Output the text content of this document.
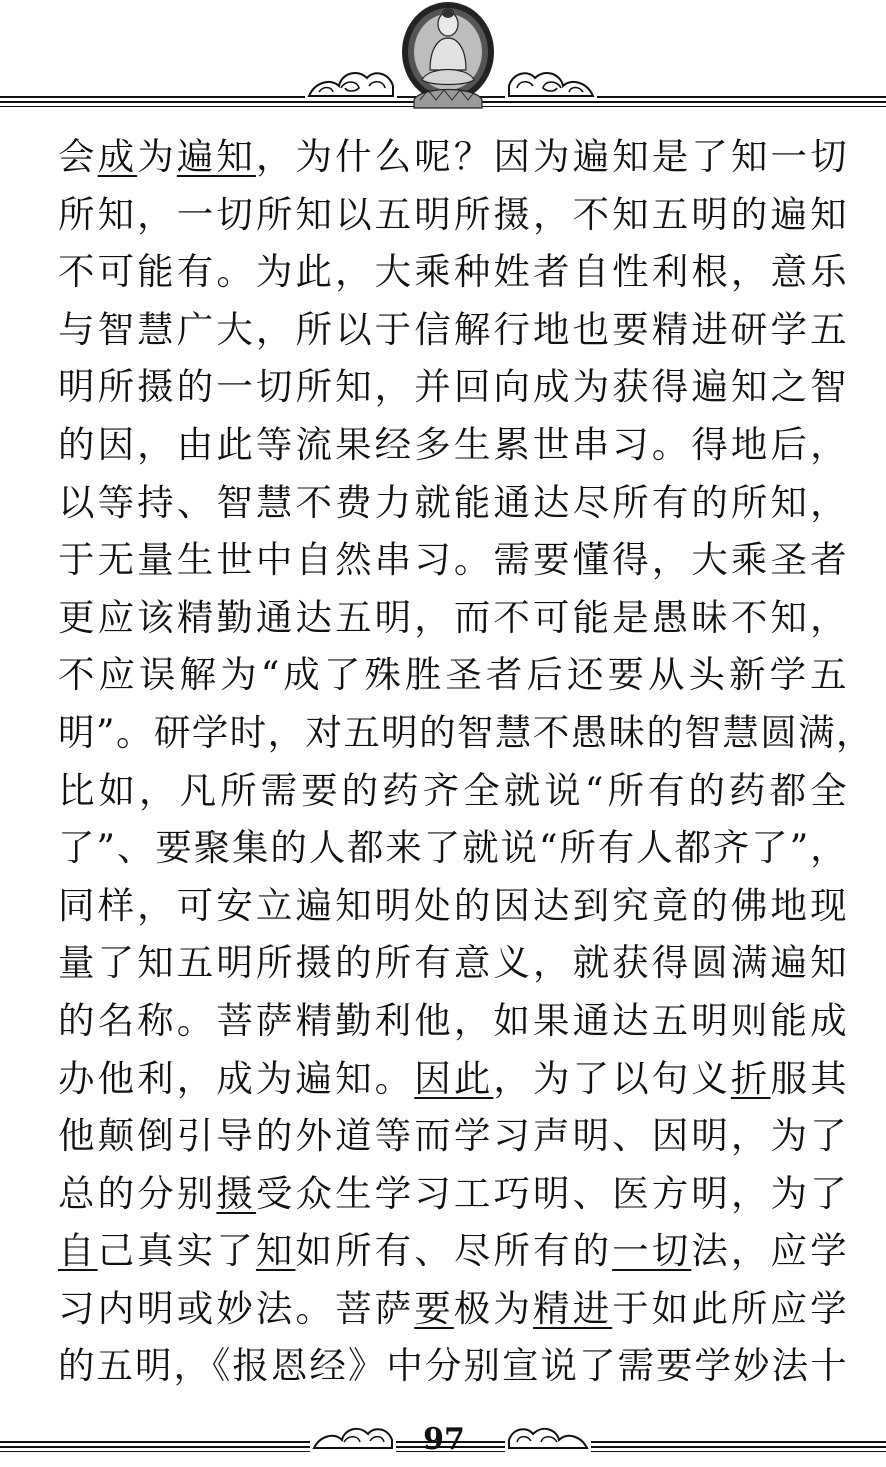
会成为遍知，为什么呢？因为遍知是了知一切
所知，一切所知以五明所摄，不知五明的遍知
不可能有。为此，大乘种姓者自性利根，意乐
与智慧广大，所以于信解行地也要精进研学五
明所摄的一切所知，并回向成为获得遍知之智
的因，由此等流果经多生累世串习。得地后，
以等持、智慧不费力就能通达尽所有的所知，
于无量生世中自然串习。需要懂得，大乘圣者
更应该精勤通达五明，而不可能是愚昧不知，
不应误解为“成了殊胜圣者后还要从头新学五
明”。研学时，对五明的智慧不愚昧的智慧圆满，
比如，凡所需要的药齐全就说“所有的药都全
了”、要聚集的人都来了就说“所有人都齐了”，
同样，可安立遍知明处的因达到究竟的佛地现
量了知五明所摄的所有意义，就获得圆满遍知
的名称。菩萨精勤利他，如果通达五明则能成
办他利，成为遍知。因此，为了以句义折服其
他颠倒引导的外道等而学习声明、因明，为了
总的分别摄受众生学习工巧明、医方明，为了
自己真实了知如所有、尽所有的一切法，应学
习内明或妙法。菩萨要极为精进于如此所应学
的五明，《报恩经》中分别宣说了需要学妙法十
97
